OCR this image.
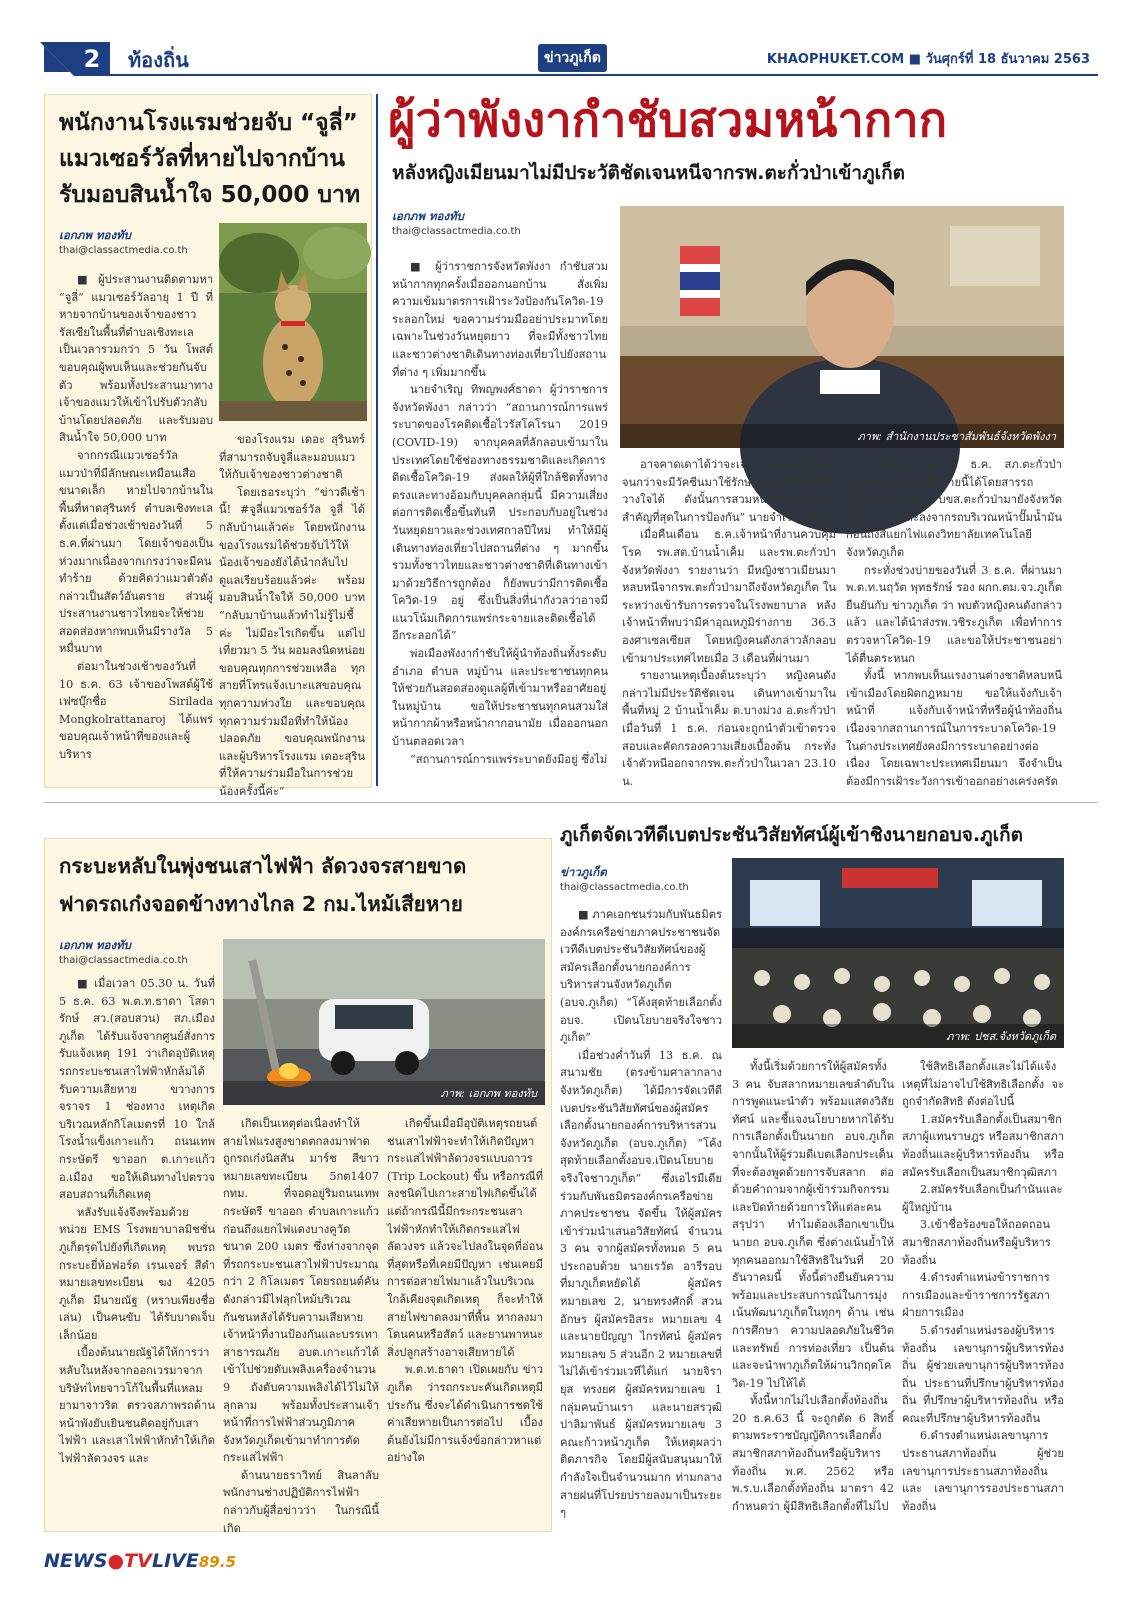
2	ท้องถิ่น	ข่าวภูเก็ต	KHAOPHUKET.COM ■ วันศุกร์ที่ 18 ธันวาคม 2563
พนักงานโรงแรมช่วยจับ “จูลี่”
แมวเซอร์วัลที่หายไปจากบ้าน
รับมอบสินน้ำใจ 50,000 บาท
เอกภพ ทองทับ
thai@classactmedia.co.th

■ ผู้ประสานงานติดตามหา “จูลี่” แมวเซอร์วัลอายุ 1 ปี ที่หายจากบ้านของเจ้าของชาวรัสเซียในพื้นที่ตำบลเชิงทะเล เป็นเวลารวมกว่า 5 วัน โพสต์ขอบคุณผู้พบเห็นและช่วยกันจับตัว พร้อมทั้งประสานมาทางเจ้าของแมวให้เข้าไปรับตัวกลับบ้านโดยปลอดภัย และรับมอบสินน้ำใจ 50,000 บาท

จากกรณีแมวเซอร์วัล แมวป่าที่มีลักษณะเหมือนเสือขนาดเล็ก หายไปจากบ้านในพื้นที่หาดสุรินทร์ ตำบลเชิงทะเล ตั้งแต่เมื่อช่วงเช้าของวันที่ 5 ธ.ค.ที่ผ่านมา โดยเจ้าของเป็นห่วงมากเนื่องจากเกรงว่าจะมีคนทำร้าย ด้วยคิดว่าแมวตัวดังกล่าวเป็นสัตว์อันตราย ส่วนผู้ประสานงานชาวไทยจะให้ช่วยสอดส่องหากพบเห็นมีรางวัล 5 หมื่นบาท

ต่อมาในช่วงเช้าของวันที่ 10 ธ.ค. 63 เจ้าของโพสต์ผู้ใช้เฟซบุ๊กชื่อ Sirilada Mongkolrattanaroj ได้แพร่ขอบคุณเจ้าหน้าที่ของและผู้บริหาร

ของโรงแรม เดอะ สุรินทร์ ที่สามารถจับจูลี่และมอบแมวให้กับเจ้าของชาวต่างชาติ

โดยเธอระบุว่า “ข่าวดีเช้านี้! #จูลี่แมวเซอร์วัล จูลี่ ได้กลับบ้านแล้วค่ะ โดยพนักงานของโรงแรมได้ช่วยจับไว้ให้น้องเจ้าของยังได้นำกลับไปดูแลเรียบร้อยแล้วค่ะ พร้อมมอบสินน้ำใจให้ 50,000 บาท “กลับมาบ้านแล้วทำไม่รู้ไม่ชี้ค่ะ ไม่มีอะไรเกิดขึ้น แต่ไปเที่ยวมา 5 วัน ผอมลงนิดหน่อย ขอบคุณทุกการช่วยเหลือ ทุกสายที่โทรแจ้งเบาะแสขอบคุณทุกความห่วงใย และขอบคุณทุกความร่วมมือที่ทำให้น้องปลอดภัย ขอบคุณพนักงานและผู้บริหารโรงแรม เดอะสุริน ที่ให้ความร่วมมือในการช่วยน้องครั้งนี้ค่ะ”

ผู้ว่าพังงากำชับสวมหน้ากาก
หลังหญิงเมียนมาไม่มีประวัติชัดเจนหนีจากรพ.ตะกั่วป่าเข้าภูเก็ต
เอกภพ ทองทับ
thai@classactmedia.co.th
ภาพ: สำนักงานประชาสัมพันธ์จังหวัดพังงา

■ ผู้ว่าราชการจังหวัดพังงา กำชับสวมหน้ากากทุกครั้งเมื่อออกนอกบ้าน สั่งเพิ่มความเข้มมาตรการเฝ้าระวังป้องกันโควิด-19 ระลอกใหม่ ขอความร่วมมืออย่าประมาทโดยเฉพาะในช่วงวันหยุดยาว ที่จะมีทั้งชาวไทยและชาวต่างชาติเดินทางท่องเที่ยวไปยังสถานที่ต่าง ๆ เพิ่มมากขึ้น

นายจำเริญ ทิพญพงศ์ธาดา ผู้ว่าราชการจังหวัดพังงา กล่าวว่า “สถานการณ์การแพร่ระบาดของโรคติดเชื้อไวรัสโคโรนา 2019 (COVID-19) จากบุคคลที่ลักลอบเข้ามาในประเทศโดยใช้ช่องทางธรรมชาติและเกิดการติดเชื้อโควิด-19 ส่งผลให้ผู้ที่ใกล้ชิดทั้งทางตรงและทางอ้อมกับบุคคลกลุ่มนี้ มีความเสี่ยงต่อการติดเชื้อขึ้นทันที ประกอบกับอยู่ในช่วงวันหยุดยาวและช่วงเทศกาลปีใหม่ ทำให้มีผู้เดินทางท่องเที่ยวไปสถานที่ต่าง ๆ มากขึ้น รวมทั้งชาวไทยและชาวต่างชาติที่เดินทางเข้ามาด้วยวิธีการถูกต้อง ก็ยังพบว่ามีการติดเชื้อโควิด-19 อยู่ ซึ่งเป็นสิ่งที่น่ากังวลว่าอาจมีแนวโน้มเกิดการแพร่กระจายและติดเชื้อได้อีกระลอกได้”

พ่อเมืองพังงากำชับให้ผู้นำท้องถิ่นทั้งระดับอำเภอ ตำบล หมู่บ้าน และประชาชนทุกคน ให้ช่วยกันสอดส่องดูแลผู้ที่เข้ามาหรืออาศัยอยู่ในหมู่บ้าน ขอให้ประชาชนทุกคนสวมใส่หน้ากากผ้าหรือหน้ากากอนามัย เมื่อออกนอกบ้านตลอดเวลา

“สถานการณ์การแพร่ระบาดยังมีอยู่ ซึ่งไม่

อาจคาดเดาได้ว่าจะเจอกับตัวเองเมื่อไหร่ จนกว่าจะมีวัคซีนมาใช้รักษาแล้วเท่านั้นถึงจะวางใจได้ ดังนั้นการสวมหน้ากากจึงเป็นสิ่งสำคัญที่สุดในการป้องกัน” นายจำเริญ กล่าว

เมื่อคืนเดือน ธ.ค.เจ้าหน้าที่งานควบคุมโรค รพ.สต.บ้านน้ำเค็ม และรพ.ตะกั่วป่า จังหวัดพังงา รายงานว่า มีหญิงชาวเมียนมาหลบหนีจากรพ.ตะกั่วป่ามาถึงจังหวัดภูเก็ต ในระหว่างเข้ารับการตรวจในโรงพยาบาล หลังเจ้าหน้าที่พบว่ามีค่าอุณหภูมิร่างกาย 36.3 องศาเซลเซียส โดยหญิงคนดังกล่าวลักลอบเข้ามาประเทศไทยเมื่อ 3 เดือนที่ผ่านมา

รายงานเหตุเบื้องต้นระบุว่า หญิงคนดังกล่าวไม่มีประวัติชัดเจน เดินทางเข้ามาในพื้นที่หมู่ 2 บ้านน้ำเค็ม ต.บางม่วง อ.ตะกั่วป่า เมื่อวันที่ 1 ธ.ค. ก่อนจะถูกนำตัวเข้าตรวจสอบและคัดกรองความเสี่ยงเบื้องต้น กระทั่งเจ้าตัวหนีออกจากรพ.ตะกั่วป่าในเวลา 23.10 น.

จากนั้นเช้าวันที่ 2 ธ.ค. สภ.ตะกั่วป่า ตรวจสอบพบว่าหญิงรายนี้ได้โดยสารรถประจำทางจาก บขส.ตะกั่วป่ามายังจังหวัดภูเก็ต และลงจากรถบริเวณหน้าปั๊มน้ำมัน ก่อนถึงสี่แยกไฟแดงวิทยาลัยเทคโนโลยี จังหวัดภูเก็ต

กระทั่งช่วงบ่ายของวันที่ 3 ธ.ค. ที่ผ่านมา พ.ต.ท.นฤวัต พุทธรักษ์ รอง ผกก.ตม.จว.ภูเก็ต ยืนยันกับ ข่าวภูเก็ต ว่า พบตัวหญิงคนดังกล่าวแล้ว และได้นำส่งรพ.วชิระภูเก็ต เพื่อทำการตรวจหาโควิด-19 และขอให้ประชาชนอย่าได้ตื่นตระหนก

ทั้งนี้ หากพบเห็นแรงงานต่างชาติหลบหนีเข้าเมืองโดยผิดกฎหมาย ขอให้แจ้งกับเจ้าหน้าที่ แจ้งกับเจ้าหน้าที่หรือผู้นำท้องถิ่น เนื่องจากสถานการณ์ในการระบาดโควิด-19 ในต่างประเทศยังคงมีการระบาดอย่างต่อเนื่อง โดยเฉพาะประเทศเมียนมา จึงจำเป็นต้องมีการเฝ้าระวังการเข้าออกอย่างเคร่งครัด

ภูเก็ตจัดเวทีดีเบตประชันวิสัยทัศน์ผู้เข้าชิงนายกอบจ.ภูเก็ต
ข่าวภูเก็ต
thai@classactmedia.co.th
ภาพ: ปชส.จังหวัดภูเก็ต

■ ภาคเอกชนร่วมกับพันธมิตรองค์กรเครือข่ายภาคประชาชนจัดเวทีดีเบตประชันวิสัยทัศน์ของผู้สมัครเลือกตั้งนายกองค์การบริหารส่วนจังหวัดภูเก็ต (อบจ.ภูเก็ต) “โค้งสุดท้ายเลือกตั้ง อบจ. เปิดนโยบายจริงใจชาวภูเก็ต”

เมื่อช่วงค่ำวันที่ 13 ธ.ค. ณ สนามชัย (ตรงข้ามศาลากลางจังหวัดภูเก็ต) ได้มีการจัดเวทีดีเบตประชันวิสัยทัศน์ของผู้สมัครเลือกตั้งนายกองค์การบริหารส่วนจังหวัดภูเก็ต (อบจ.ภูเก็ต) “โค้งสุดท้ายเลือกตั้งอบจ.เปิดนโยบายจริงใจชาวภูเก็ต” ซึ่งเอไรมีเดียร่วมกับพันธมิตรองค์กรเครือข่ายภาคประชาชน จัดขึ้น ให้ผู้สมัครเข้าร่วมนำเสนอวิสัยทัศน์ จำนวน 3 คน จากผู้สมัครทั้งหมด 5 คน ประกอบด้วย นายเรวัต อารีรอบ ที่มาภูเก็ตหยัดได้ ผู้สมัครหมายเลข 2, นายทรงศักดิ์ สวนอักษร ผู้สมัครอิสระ หมายเลข 4 และนายปัญญา ไกรทัศน์ ผู้สมัครหมายเลข 5 ส่วนอีก 2 หมายเลขที่ไม่ได้เข้าร่วมเวทีได้แก่ นายจิรายุส ทรงยศ ผู้สมัครหมายเลข 1 กลุ่มคนบ้านเรา และนายสรวุฒิ ปาลิมาพันธ์ ผู้สมัครหมายเลข 3 คณะก้าวหน้าภูเก็ต ให้เหตุผลว่าติดภารกิจ โดยมีผู้สนับสนุนมาให้กำลังใจเป็นจำนวนมาก ท่ามกลางสายฝนที่โปรยปรายลงมาเป็นระยะ ๆ

ทั้งนี้เริ่มด้วยการให้ผู้สมัครทั้ง 3 คน จับสลากหมายเลขลำดับในการพูดแนะนำตัว พร้อมแสดงวิสัยทัศน์ และชี้แจงนโยบายหากได้รับการเลือกตั้งเป็นนายก อบจ.ภูเก็ต จากนั้นให้ผู้ร่วมดีเบตเลือกประเด็นที่จะต้องพูดด้วยการจับสลาก ต่อด้วยคำถามจากผู้เข้าร่วมกิจกรรมและปิดท้ายด้วยการให้แต่ละคนสรุปว่า ทำไมต้องเลือกเขาเป็นนายก อบจ.ภูเก็ต ซึ่งต่างเน้นย้ำให้ทุกคนออกมาใช้สิทธิในวันที่ 20 ธันวาคมนี้ ทั้งนี้ต่างยืนยันความพร้อมและประสบการณ์ในการมุ่งเน้นพัฒนาภูเก็ตในทุกๆ ด้าน เช่น การศึกษา ความปลอดภัยในชีวิตและทรัพย์ การท่องเที่ยว เป็นต้น และจะนำพาภูเก็ตให้ผ่านวิกฤตโควิด-19 ไปให้ได้

ทั้งนี้หากไม่ไปเลือกตั้งท้องถิ่น 20 ธ.ค.63 นี้ จะถูกตัด 6 สิทธิ์ ตามพระราชบัญญัติการเลือกตั้งสมาชิกสภาท้องถิ่นหรือผู้บริหารท้องถิ่น พ.ศ. 2562 หรือ พ.ร.บ.เลือกตั้งท้องถิ่น มาตรา 42 กำหนดว่า ผู้มีสิทธิเลือกตั้งที่ไม่ไป

ใช้สิทธิเลือกตั้งและไม่ได้แจ้งเหตุที่ไม่อาจไปใช้สิทธิเลือกตั้ง จะถูกจำกัดสิทธิ ดังต่อไปนี้

1.สมัครรับเลือกตั้งเป็นสมาชิกสภาผู้แทนราษฎร หรือสมาชิกสภาท้องถิ่นและผู้บริหารท้องถิ่น หรือสมัครรับเลือกเป็นสมาชิกวุฒิสภา

2.สมัครรับเลือกเป็นกำนันและผู้ใหญ่บ้าน

3.เข้าชื่อร้องขอให้ถอดถอนสมาชิกสภาท้องถิ่นหรือผู้บริหารท้องถิ่น

4.ดำรงตำแหน่งข้าราชการการเมืองและข้าราชการรัฐสภาฝ่ายการเมือง

5.ดำรงตำแหน่งรองผู้บริหารท้องถิ่น เลขานุการผู้บริหารท้องถิ่น ผู้ช่วยเลขานุการผู้บริหารท้องถิ่น ประธานที่ปรึกษาผู้บริหารท้องถิ่น ที่ปรึกษาผู้บริหารท้องถิ่น หรือคณะที่ปรึกษาผู้บริหารท้องถิ่น

6.ดำรงตำแหน่งเลขานุการประธานสภาท้องถิ่น ผู้ช่วยเลขานุการประธานสภาท้องถิ่น และ เลขานุการรองประธานสภาท้องถิ่น

กระบะหลับในพุ่งชนเสาไฟฟ้า ลัดวงจรสายขาด
ฟาดรถเก๋งจอดข้างทางไกล 2 กม.ไหม้เสียหาย
เอกภพ ทองทับ
thai@classactmedia.co.th
ภาพ: เอกภพ ทองทับ

■ เมื่อเวลา 05.30 น. วันที่ 5 ธ.ค. 63 พ.ต.ท.ธาดา โสดารักษ์ สว.(สอบสวน) สภ.เมืองภูเก็ต ได้รับแจ้งจากศูนย์สั่งการรับแจ้งเหตุ 191 ว่าเกิดอุบัติเหตุรถกระบะชนเสาไฟฟ้าหักล้มได้รับความเสียหาย ขวางการจราจร 1 ช่องทาง เหตุเกิดบริเวณหลักกิโลเมตรที่ 10 ใกล้โรงน้ำแข็งเกาะแก้ว ถนนเทพกระษัตรี ขาออก ต.เกาะแก้ว อ.เมือง ขอให้เดินทางไปตรวจสอบสถานที่เกิดเหตุ

หลังรับแจ้งจึงพร้อมด้วยหน่วย EMS โรงพยาบาลมิชชั่นภูเก็ตรุดไปยังที่เกิดเหตุ พบรถกระบะยี่ห้อฟอร์ด เรนเจอร์ สีดำหมายเลขทะเบียน ฆง 4205 ภูเก็ต มีนายณัฐ (หราบเพียงชื่อเล่น) เป็นคนขับ ได้รับบาดเจ็บเล็กน้อย

เบื้องต้นนายณัฐได้ให้การว่าหลับในหลังจากออกเวรมาจากบริษัทไทยจาวโก้ในพื้นที่แหลมยามาจาวริต ตรวจสภาพรถด้านหน้าพังยับเยินชนติดอยู่กับเสาไฟฟ้า และเสาไฟฟ้าหักทำให้เกิดไฟฟ้าลัดวงจร และ

เกิดเป็นเหตุต่อเนื่องทำให้สายไฟแรงสูงขาดตกลงมาฟาดถูกรถเก๋งนิสสัน มาร์ช สีขาวหมายเลขทะเบียน 5กต1407 กทม. ที่จอดอยู่ริมถนนเทพกระษัตรี ขาออก ตำบลเกาะแก้ว ก่อนถึงแยกไฟแดงบางคูวัดขนาด 200 เมตร ซึ่งห่างจากจุดที่รถกระบะชนเสาไฟฟ้าประมาณกว่า 2 กิโลเมตร โดยรถยนต์คันดังกล่าวมีไฟลุกไหม้บริเวณกันชนหลังได้รับความเสียหาย เจ้าหน้าที่งานป้องกันและบรรเทาสาธารณภัย อบต.เกาะแก้วได้เข้าไปช่วยดับเพลิงเครื่องจำนวน 9 ถังดับความเพลิงได้ไว้ไม่ให้ลุกลาม พร้อมทั้งประสานเจ้าหน้าที่การไฟฟ้าส่วนภูมิภาคจังหวัดภูเก็ตเข้ามาทำการตัดกระแสไฟฟ้า

ด้านนายธราวิทย์ สินลาลับ พนักงานช่างปฏิบัติการไฟฟ้า กล่าวกับผู้สื่อข่าวว่า ในกรณีนี้เกิด

เกิดขึ้นเมื่อมีอุบัติเหตุรถยนต์ชนเสาไฟฟ้าจะทำให้เกิดปัญหากระแสไฟฟ้าลัดวงจรแบบถาวร (Trip Lockout) ขึ้น หรือกรณีที่ลงชนิดไปเกาะสายไฟเกิดขึ้นได้ แต่ถ้ากรณีนี้มีกระกระชนเสาไฟฟ้าหักทำให้เกิดกระแสไฟลัดวงจร แล้วจะไปลงในจุดที่อ่อนที่สุดหรือที่เคยมีปัญหา เช่นเคยมีการต่อสายไฟมาแล้วในบริเวณใกล้เคียงจุดเกิดเหตุ ก็จะทำให้สายไฟขาดลงมาที่พื้น หากลงมาโดนคนหรือสัตว์ และยานพาหนะสิ่งปลูกสร้างอาจเสียหายได้

พ.ต.ท.ธาดา เปิดเผยกับ ข่าวภูเก็ต ว่ารถกระบะคันเกิดเหตุมีประกัน ซึ่งจะได้ดำเนินการชดใช้ค่าเสียหายเป็นการต่อไป เบื้องต้นยังไม่มีการแจ้งข้อกล่าวหาแต่อย่างใด

NEWS●TV LIVE89.5
